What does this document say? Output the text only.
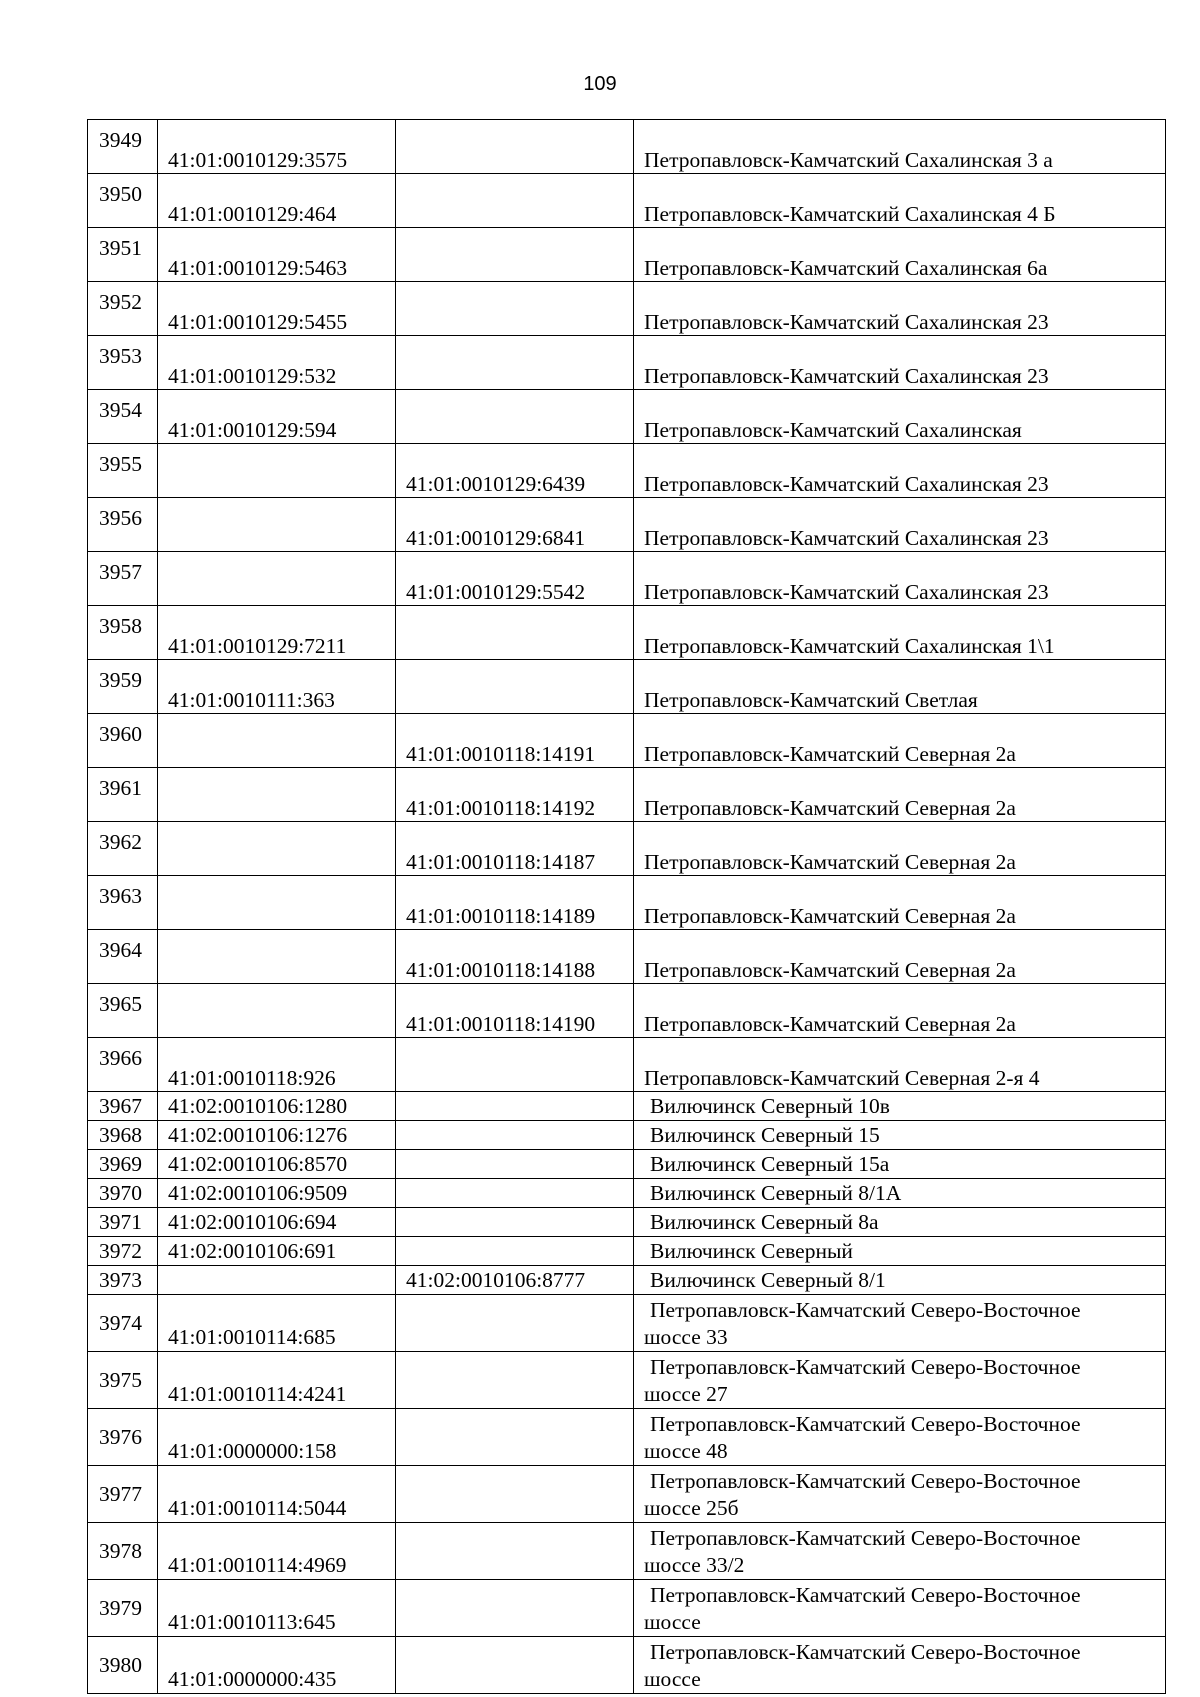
109
3949	41:01:0010129:3575		Петропавловск-Камчатский Сахалинская 3 а
3950	41:01:0010129:464		Петропавловск-Камчатский Сахалинская 4 Б
3951	41:01:0010129:5463		Петропавловск-Камчатский Сахалинская 6а
3952	41:01:0010129:5455		Петропавловск-Камчатский Сахалинская 23
3953	41:01:0010129:532		Петропавловск-Камчатский Сахалинская 23
3954	41:01:0010129:594		Петропавловск-Камчатский Сахалинская
3955		41:01:0010129:6439	Петропавловск-Камчатский Сахалинская 23
3956		41:01:0010129:6841	Петропавловск-Камчатский Сахалинская 23
3957		41:01:0010129:5542	Петропавловск-Камчатский Сахалинская 23
3958	41:01:0010129:7211		Петропавловск-Камчатский Сахалинская 1\1
3959	41:01:0010111:363		Петропавловск-Камчатский Светлая
3960		41:01:0010118:14191	Петропавловск-Камчатский Северная 2а
3961		41:01:0010118:14192	Петропавловск-Камчатский Северная 2а
3962		41:01:0010118:14187	Петропавловск-Камчатский Северная 2а
3963		41:01:0010118:14189	Петропавловск-Камчатский Северная 2а
3964		41:01:0010118:14188	Петропавловск-Камчатский Северная 2а
3965		41:01:0010118:14190	Петропавловск-Камчатский Северная 2а
3966	41:01:0010118:926		Петропавловск-Камчатский Северная 2-я 4
3967	41:02:0010106:1280		Вилючинск Северный 10в
3968	41:02:0010106:1276		Вилючинск Северный 15
3969	41:02:0010106:8570		Вилючинск Северный 15а
3970	41:02:0010106:9509		Вилючинск Северный 8/1А
3971	41:02:0010106:694		Вилючинск Северный 8а
3972	41:02:0010106:691		Вилючинск Северный
3973		41:02:0010106:8777	Вилючинск Северный 8/1
3974	41:01:0010114:685		Петропавловск-Камчатский Северо-Восточное
шоссе 33

3975	41:01:0010114:4241		Петропавловск-Камчатский Северо-Восточное
шоссе 27

3976	41:01:0000000:158		Петропавловск-Камчатский Северо-Восточное
шоссе 48

3977	41:01:0010114:5044		Петропавловск-Камчатский Северо-Восточное
шоссе 25б

3978	41:01:0010114:4969		Петропавловск-Камчатский Северо-Восточное
шоссе 33/2

3979	41:01:0010113:645		Петропавловск-Камчатский Северо-Восточное
шоссе

3980	41:01:0000000:435		Петропавловск-Камчатский Северо-Восточное
шоссе
